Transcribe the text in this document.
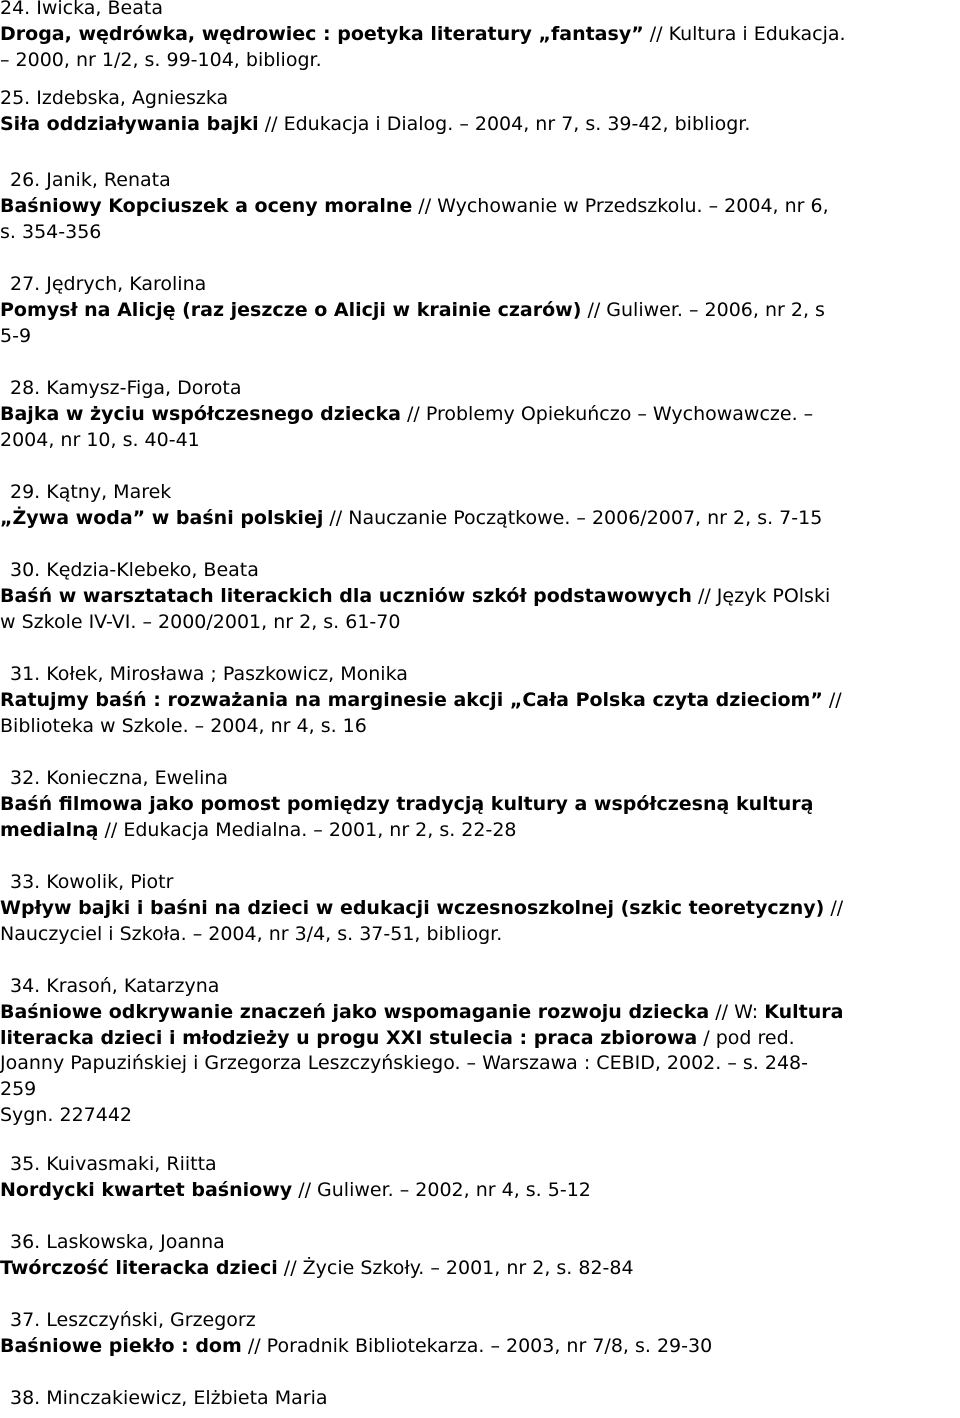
24. Iwicka, Beata
Droga, wędrówka, wędrowiec : poetyka literatury „fantasy” // Kultura i Edukacja.
– 2000, nr 1/2, s. 99-104, bibliogr.
25. Izdebska, Agnieszka
Siła oddziaływania bajki // Edukacja i Dialog. – 2004, nr 7, s. 39-42, bibliogr.
26. Janik, Renata
Baśniowy Kopciuszek a oceny moralne // Wychowanie w Przedszkolu. – 2004, nr 6,
s. 354-356
27. Jędrych, Karolina
Pomysł na Alicję (raz jeszcze o Alicji w krainie czarów) // Guliwer. – 2006, nr 2, s
5-9
28. Kamysz-Figa, Dorota
Bajka w życiu współczesnego dziecka // Problemy Opiekuńczo – Wychowawcze. –
2004, nr 10, s. 40-41
29. Kątny, Marek
„Żywa woda” w baśni polskiej // Nauczanie Początkowe. – 2006/2007, nr 2, s. 7-15
30. Kędzia-Klebeko, Beata
Baśń w warsztatach literackich dla uczniów szkół podstawowych // Język POlski
w Szkole IV-VI. – 2000/2001, nr 2, s. 61-70
31. Kołek, Mirosława ; Paszkowicz, Monika
Ratujmy baśń : rozważania na marginesie akcji „Cała Polska czyta dzieciom” //
Biblioteka w Szkole. – 2004, nr 4, s. 16
32. Konieczna, Ewelina
Baśń filmowa jako pomost pomiędzy tradycją kultury a współczesną kulturą
medialną // Edukacja Medialna. – 2001, nr 2, s. 22-28
33. Kowolik, Piotr
Wpływ bajki i baśni na dzieci w edukacji wczesnoszkolnej (szkic teoretyczny) //
Nauczyciel i Szkoła. – 2004, nr 3/4, s. 37-51, bibliogr.
34. Krasoń, Katarzyna
Baśniowe odkrywanie znaczeń jako wspomaganie rozwoju dziecka // W: Kultura
literacka dzieci i młodzieży u progu XXI stulecia : praca zbiorowa / pod red.
Joanny Papuzińskiej i Grzegorza Leszczyńskiego. – Warszawa : CEBID, 2002. – s. 248-
259
Sygn. 227442
35. Kuivasmaki, Riitta
Nordycki kwartet baśniowy // Guliwer. – 2002, nr 4, s. 5-12
36. Laskowska, Joanna
Twórczość literacka dzieci // Życie Szkoły. – 2001, nr 2, s. 82-84
37. Leszczyński, Grzegorz
Baśniowe piekło : dom // Poradnik Bibliotekarza. – 2003, nr 7/8, s. 29-30
38. Minczakiewicz, Elżbieta Maria
